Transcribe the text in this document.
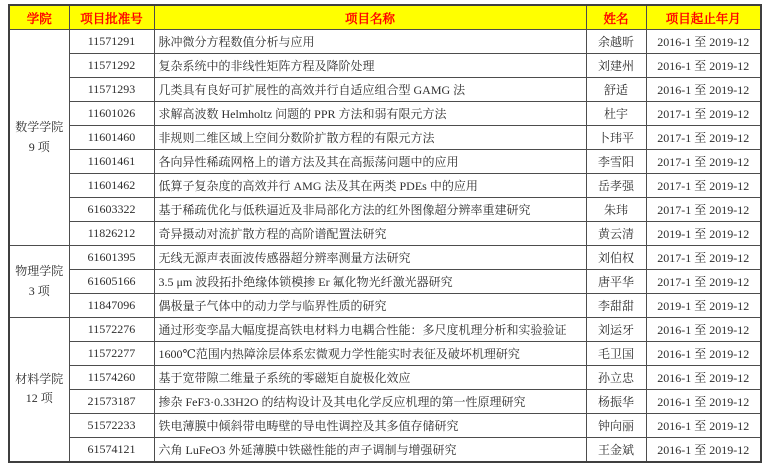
学院	项目批准号	项目名称	姓名	项目起止年月

数学学院
9 项	11571291	脉冲微分方程数值分析与应用	余越昕	2016-1 至 2019-12
	11571292	复杂系统中的非线性矩阵方程及降阶处理	刘建州	2016-1 至 2019-12
	11571293	几类具有良好可扩展性的高效并行自适应组合型 GAMG 法	舒适	2016-1 至 2019-12
	11601026	求解高波数 Helmholtz 问题的 PPR 方法和弱有限元方法	杜宇	2017-1 至 2019-12
	11601460	非规则二维区域上空间分数阶扩散方程的有限元方法	卜玮平	2017-1 至 2019-12
	11601461	各向异性稀疏网格上的谱方法及其在高振荡问题中的应用	李雪阳	2017-1 至 2019-12
	11601462	低算子复杂度的高效并行 AMG 法及其在两类 PDEs 中的应用	岳孝强	2017-1 至 2019-12
	61603322	基于稀疏优化与低秩逼近及非局部化方法的红外图像超分辨率重建研究	朱玮	2017-1 至 2019-12
	11826212	奇异摄动对流扩散方程的高阶谱配置法研究	黄云清	2019-1 至 2019-12

物理学院
3 项	61601395	无线无源声表面波传感器超分辨率测量方法研究	刘伯权	2017-1 至 2019-12
	61605166	3.5 μm 波段拓扑绝缘体锁模掺 Er 氟化物光纤激光器研究	唐平华	2017-1 至 2019-12
	11847096	偶极量子气体中的动力学与临界性质的研究	李甜甜	2019-1 至 2019-12

材料学院
12 项	11572276	通过形变孪晶大幅度提高铁电材料力电耦合性能：多尺度机理分析和实验验证	刘运牙	2016-1 至 2019-12
	11572277	1600℃范围内热障涂层体系宏微观力学性能实时表征及破坏机理研究	毛卫国	2016-1 至 2019-12
	11574260	基于宽带隙二维量子系统的零磁矩自旋极化效应	孙立忠	2016-1 至 2019-12
	21573187	掺杂 FeF3·0.33H2O 的结构设计及其电化学反应机理的第一性原理研究	杨振华	2016-1 至 2019-12
	51572233	铁电薄膜中倾斜带电畴壁的导电性调控及其多值存储研究	钟向丽	2016-1 至 2019-12
	61574121	六角 LuFeO3 外延薄膜中铁磁性能的声子调制与增强研究	王金斌	2016-1 至 2019-12
